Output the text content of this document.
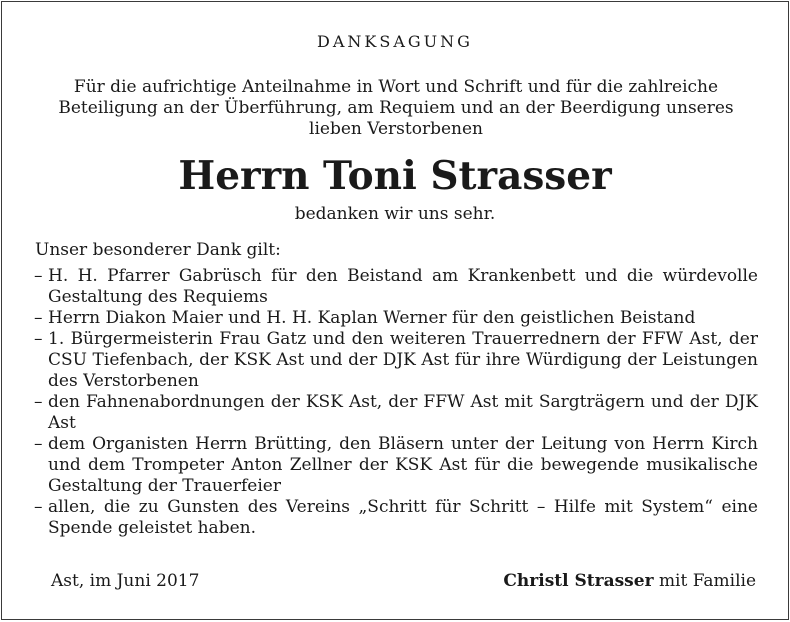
DANKSAGUNG
Für die aufrichtige Anteilnahme in Wort und Schrift und für die zahlreiche Beteiligung an der Überführung, am Requiem und an der Beerdigung unseres lieben Verstorbenen
Herrn Toni Strasser
bedanken wir uns sehr.
Unser besonderer Dank gilt:
– H. H. Pfarrer Gabrüsch für den Beistand am Krankenbett und die würdevolle Gestaltung des Requiems
– Herrn Diakon Maier und H. H. Kaplan Werner für den geistlichen Beistand
– 1. Bürgermeisterin Frau Gatz und den weiteren Trauerrednern der FFW Ast, der CSU Tiefenbach, der KSK Ast und der DJK Ast für ihre Würdigung der Leistungen des Verstorbenen
– den Fahnenabordnungen der KSK Ast, der FFW Ast mit Sargträgern und der DJK Ast
– dem Organisten Herrn Brütting, den Bläsern unter der Leitung von Herrn Kirch und dem Trompeter Anton Zellner der KSK Ast für die bewegende musikalische Gestaltung der Trauerfeier
– allen, die zu Gunsten des Vereins „Schritt für Schritt – Hilfe mit System“ eine Spende geleistet haben.
Ast, im Juni 2017	Christl Strasser mit Familie
